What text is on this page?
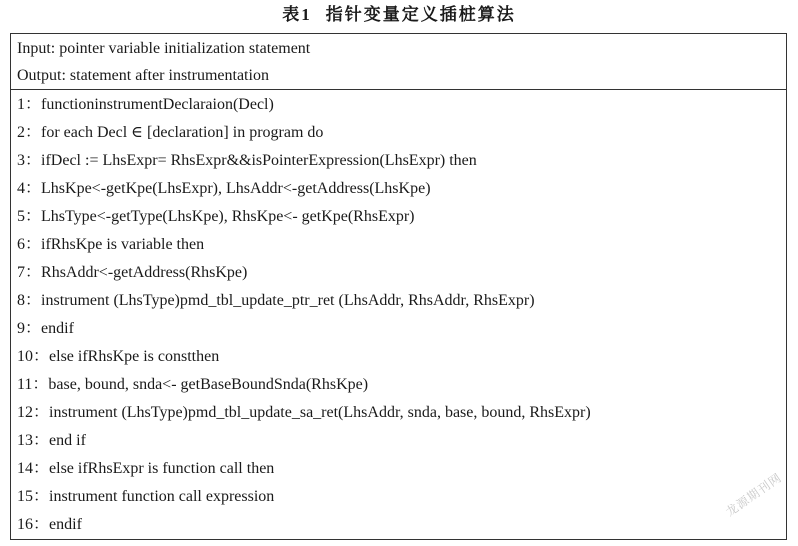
表1 指针变量定义插桩算法
Input: pointer variable initialization statement
Output: statement after instrumentation
1：functioninstrumentDeclaraion(Decl)
2：for each Decl ∈ [declaration] in program do
3：ifDecl := LhsExpr= RhsExpr&&isPointerExpression(LhsExpr) then
4：LhsKpe<-getKpe(LhsExpr), LhsAddr<-getAddress(LhsKpe)
5：LhsType<-getType(LhsKpe), RhsKpe<- getKpe(RhsExpr)
6：ifRhsKpe is variable then
7：RhsAddr<-getAddress(RhsKpe)
8：instrument (LhsType)pmd_tbl_update_ptr_ret (LhsAddr, RhsAddr, RhsExpr)
9：endif
10：else ifRhsKpe is constthen
11：base, bound, snda<- getBaseBoundSnda(RhsKpe)
12：instrument (LhsType)pmd_tbl_update_sa_ret(LhsAddr, snda, base, bound, RhsExpr)
13：end if
14：else ifRhsExpr is function call then
15：instrument function call expression
16：endif
龙源期刊网
